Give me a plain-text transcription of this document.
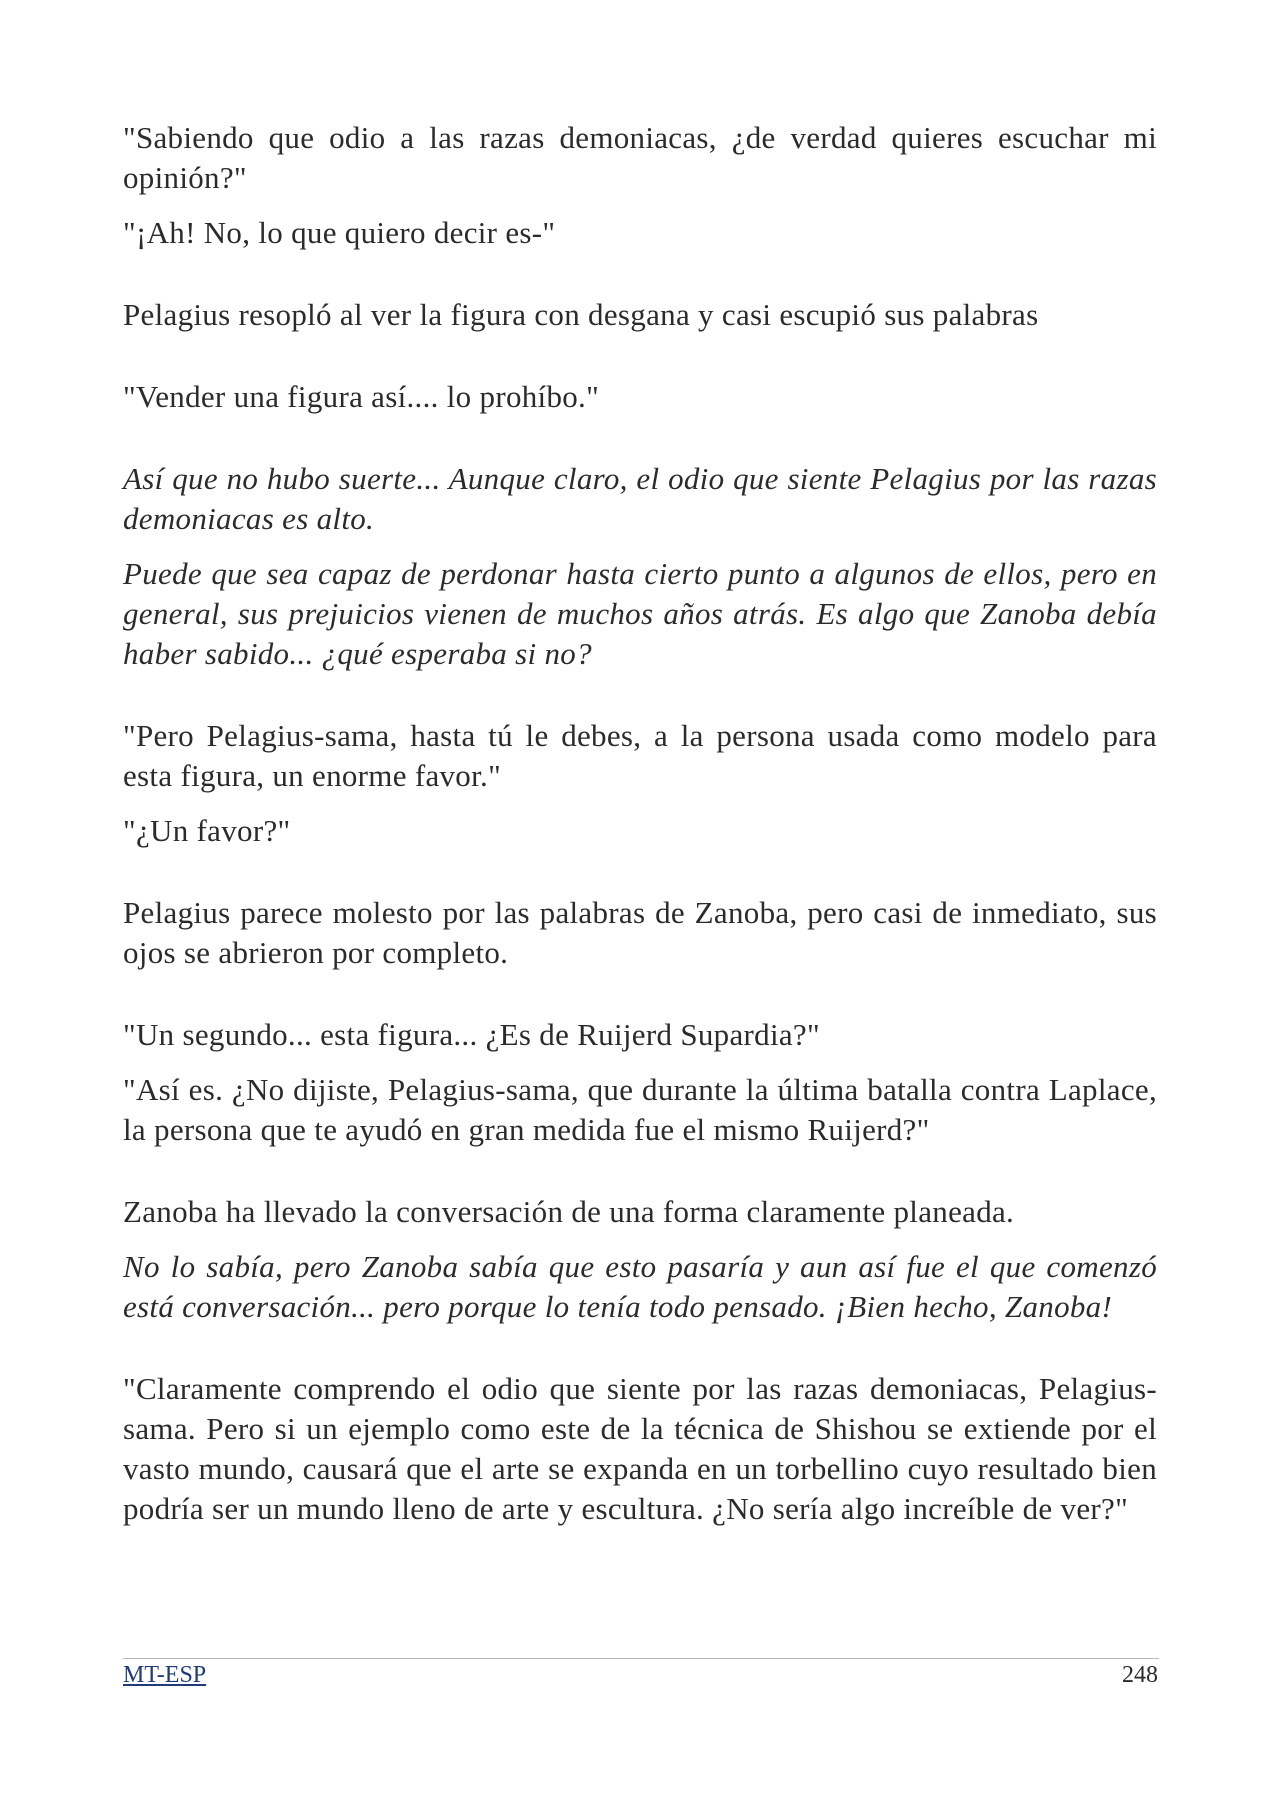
"Sabiendo que odio a las razas demoniacas, ¿de verdad quieres escuchar mi opinión?"

"¡Ah! No, lo que quiero decir es-"

Pelagius resopló al ver la figura con desgana y casi escupió sus palabras

"Vender una figura así.... lo prohíbo."

Así que no hubo suerte... Aunque claro, el odio que siente Pelagius por las razas demoniacas es alto.

Puede que sea capaz de perdonar hasta cierto punto a algunos de ellos, pero en general, sus prejuicios vienen de muchos años atrás. Es algo que Zanoba debía haber sabido... ¿qué esperaba si no?

"Pero Pelagius-sama, hasta tú le debes, a la persona usada como modelo para esta figura, un enorme favor."

"¿Un favor?"

Pelagius parece molesto por las palabras de Zanoba, pero casi de inmediato, sus ojos se abrieron por completo.

"Un segundo... esta figura... ¿Es de Ruijerd Supardia?"

"Así es. ¿No dijiste, Pelagius-sama, que durante la última batalla contra Laplace, la persona que te ayudó en gran medida fue el mismo Ruijerd?"

Zanoba ha llevado la conversación de una forma claramente planeada.

No lo sabía, pero Zanoba sabía que esto pasaría y aun así fue el que comenzó está conversación... pero porque lo tenía todo pensado. ¡Bien hecho, Zanoba!

"Claramente comprendo el odio que siente por las razas demoniacas, Pelagius-sama. Pero si un ejemplo como este de la técnica de Shishou se extiende por el vasto mundo, causará que el arte se expanda en un torbellino cuyo resultado bien podría ser un mundo lleno de arte y escultura. ¿No sería algo increíble de ver?"

MT-ESP	248
